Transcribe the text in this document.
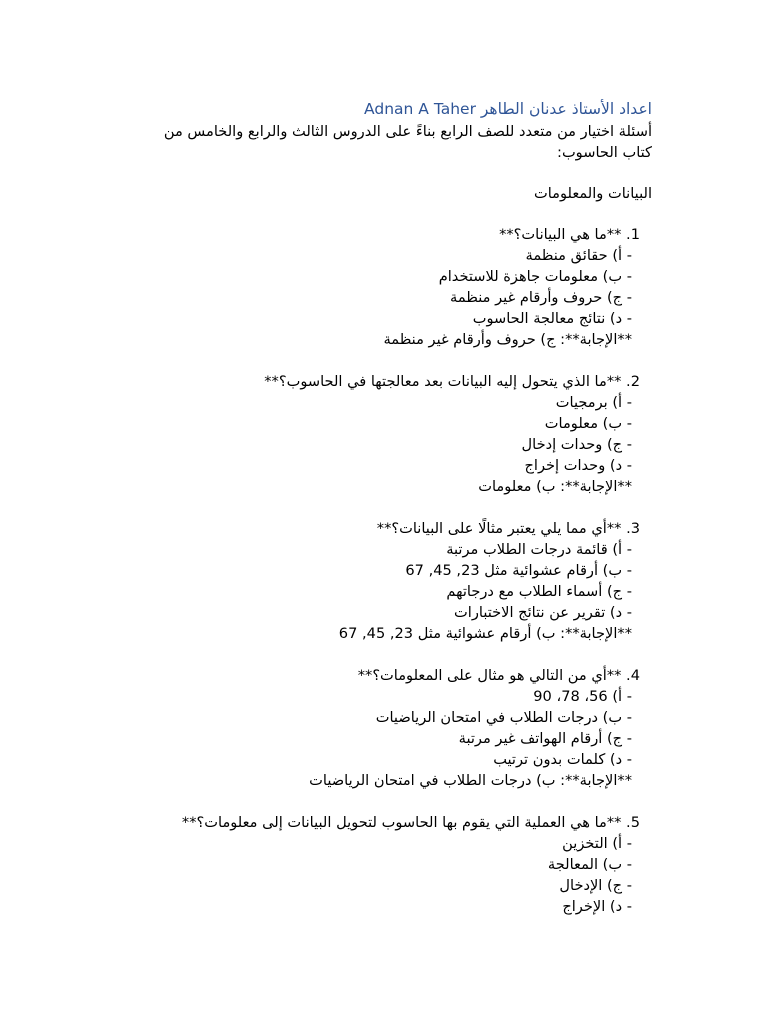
اعداد الأستاذ عدنان الطاهر Adnan A Taher
أسئلة اختيار من متعدد للصف الرابع بناءً على الدروس الثالث والرابع والخامس من
كتاب الحاسوب:
البيانات والمعلومات
1. **ما هي البيانات؟**
- أ) حقائق منظمة
- ب) معلومات جاهزة للاستخدام
- ج) حروف وأرقام غير منظمة
- د) نتائج معالجة الحاسوب
**الإجابة**: ج) حروف وأرقام غير منظمة
2. **ما الذي يتحول إليه البيانات بعد معالجتها في الحاسوب؟**
- أ) برمجيات
- ب) معلومات
- ج) وحدات إدخال
- د) وحدات إخراج
**الإجابة**: ب) معلومات
3. **أي مما يلي يعتبر مثالًا على البيانات؟**
- أ) قائمة درجات الطلاب مرتبة
- ب) أرقام عشوائية مثل 23, 45, 67
- ج) أسماء الطلاب مع درجاتهم
- د) تقرير عن نتائج الاختبارات
**الإجابة**: ب) أرقام عشوائية مثل 23, 45, 67
4. **أي من التالي هو مثال على المعلومات؟**
- أ) 56، 78، 90
- ب) درجات الطلاب في امتحان الرياضيات
- ج) أرقام الهواتف غير مرتبة
- د) كلمات بدون ترتيب
**الإجابة**: ب) درجات الطلاب في امتحان الرياضيات
5. **ما هي العملية التي يقوم بها الحاسوب لتحويل البيانات إلى معلومات؟**
- أ) التخزين
- ب) المعالجة
- ج) الإدخال
- د) الإخراج
